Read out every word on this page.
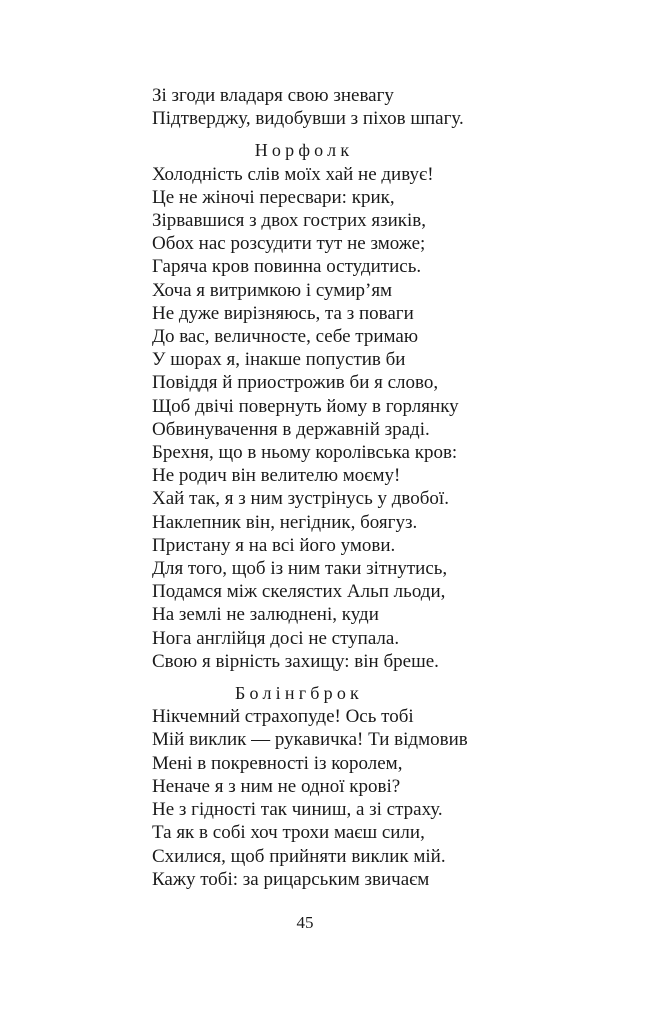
Зі згоди владаря свою зневагу
Підтверджу, видобувши з піхов шпагу.
Норфолк
Холодність слів моїх хай не дивує!
Це не жіночі пересвари: крик,
Зірвавшися з двох гострих язиків,
Обох нас розсудити тут не зможе;
Гаряча кров повинна остудитись.
Хоча я витримкою і сумир’ям
Не дуже вирізняюсь, та з поваги
До вас, величносте, себе тримаю
У шорах я, інакше попустив би
Повіддя й приострожив би я слово,
Щоб двічі повернуть йому в горлянку
Обвинувачення в державній зраді.
Брехня, що в ньому королівська кров:
Не родич він велителю моєму!
Хай так, я з ним зустрінусь у двобої.
Наклепник він, негідник, боягуз.
Пристану я на всі його умови.
Для того, щоб із ним таки зітнутись,
Подамся між скелястих Альп льоди,
На землі не залюднені, куди
Нога англійця досі не ступала.
Свою я вірність захищу: він бреше.
Болінгброк
Нікчемний страхопуде! Ось тобі
Мій виклик — рукавичка! Ти відмовив
Мені в покревності із королем,
Неначе я з ним не одної крові?
Не з гідності так чиниш, а зі страху.
Та як в собі хоч трохи маєш сили,
Схилися, щоб прийняти виклик мій.
Кажу тобі: за рицарським звичаєм
45
